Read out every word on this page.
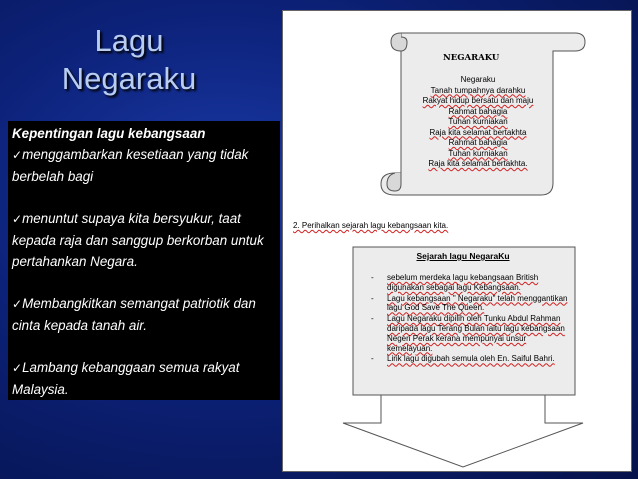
Lagu
Negaraku
Kepentingan lagu kebangsaan
✓menggambarkan kesetiaan yang tidak berbelah bagi
✓menuntut supaya kita bersyukur, taat kepada raja dan sanggup berkorban untuk pertahankan Negara.
✓Membangkitkan semangat patriotik dan cinta kepada tanah air.
✓Lambang kebanggaan semua rakyat Malaysia.
NEGARAKU
Negaraku
Tanah tumpahnya darahku
Rakyat hidup bersatu dan maju
Rahmat bahagia
Tuhan kurniakan
Raja kita selamat bertakhta
Rahmat bahagia
Tuhan kurniakan
Raja kita selamat bertakhta.
2. Perihalkan sejarah lagu kebangsaan kita.
Sejarah lagu NegaraKu
- sebelum merdeka lagu kebangsaan British digunakan sebagai lagu Kebangsaan.
- Lagu kebangsaan " Negaraku" telah menggantikan lagu God Save The Queen.
- Lagu Negaraku dipilih oleh Tunku Abdul Rahman daripada lagu Terang Bulan iaitu lagu kebangsaan Negeri Perak kerana mempunyai unsur kemelayuan.
- Lirik lagu digubah semula oleh En. Saiful Bahri.
